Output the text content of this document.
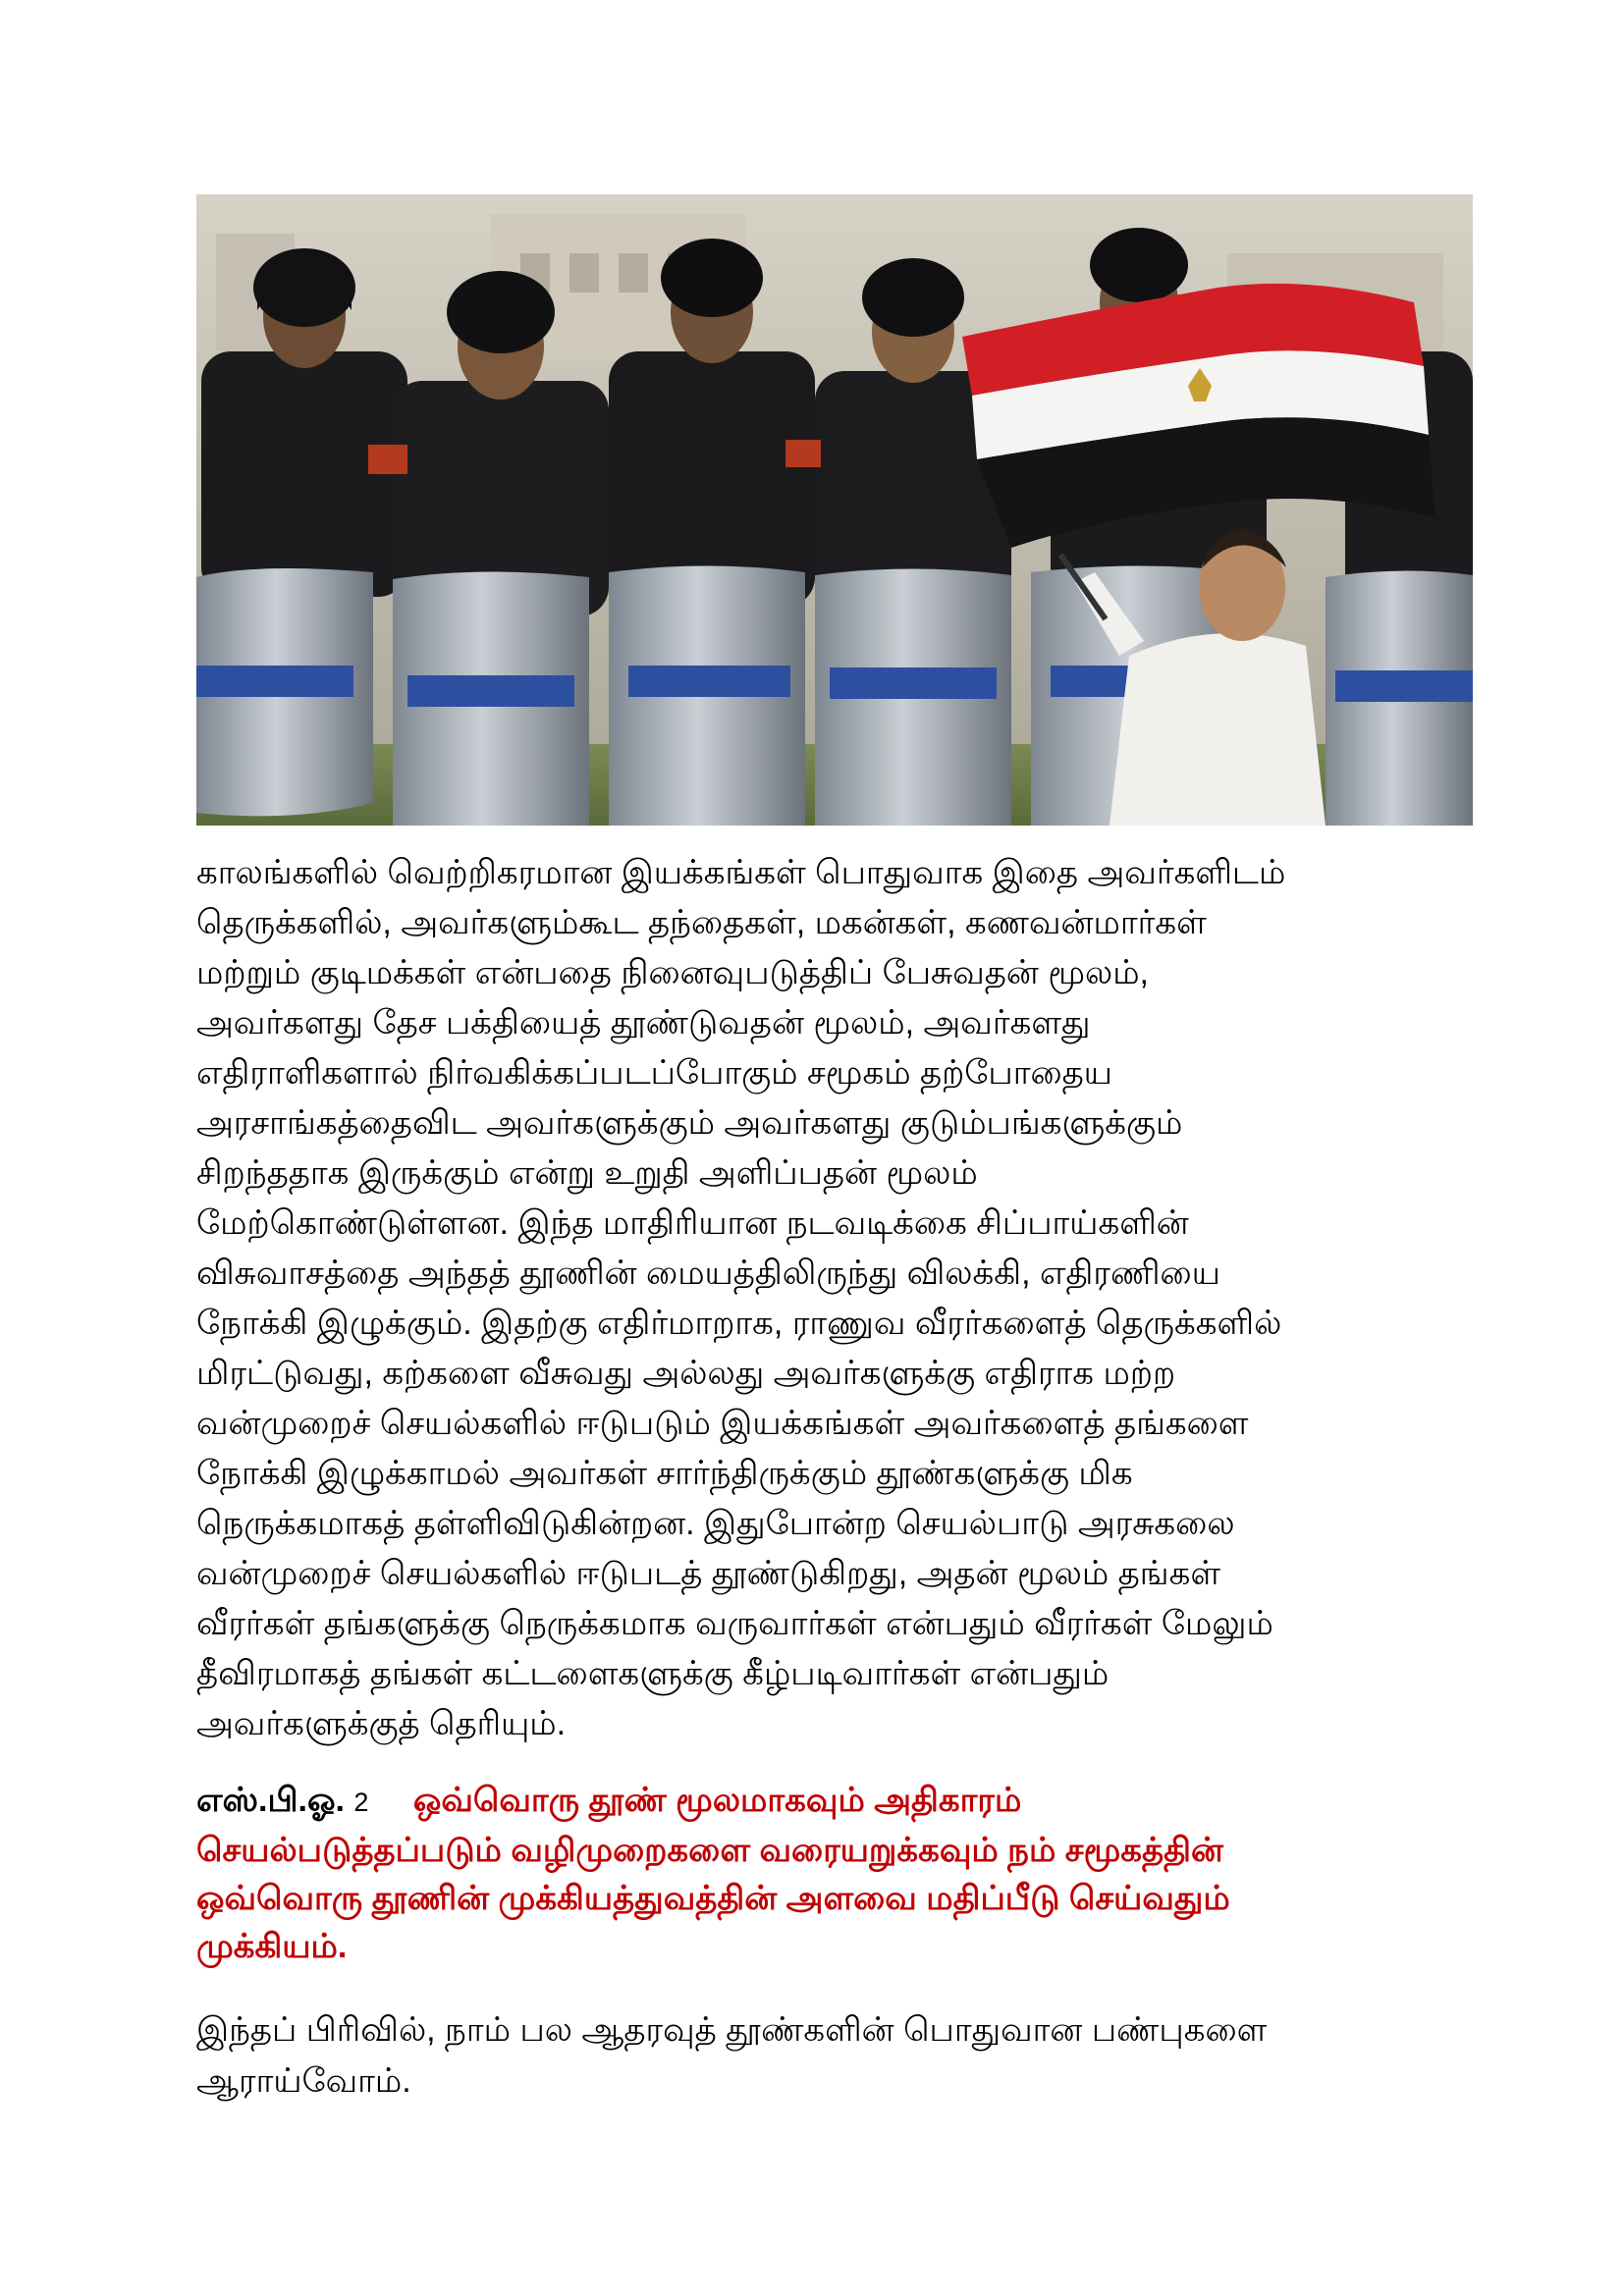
காலங்களில் வெற்றிகரமான இயக்கங்கள் பொதுவாக இதை அவர்களிடம்
தெருக்களில், அவர்களும்கூட தந்தைகள், மகன்கள், கணவன்மார்கள்
மற்றும் குடிமக்கள் என்பதை நினைவுபடுத்திப் பேசுவதன் மூலம்,
அவர்களது தேச பக்தியைத் தூண்டுவதன் மூலம், அவர்களது
எதிராளிகளால் நிர்வகிக்கப்படப்போகும் சமூகம் தற்போதைய
அரசாங்கத்தைவிட அவர்களுக்கும் அவர்களது குடும்பங்களுக்கும்
சிறந்ததாக இருக்கும் என்று உறுதி அளிப்பதன் மூலம்
மேற்கொண்டுள்ளன. இந்த மாதிரியான நடவடிக்கை சிப்பாய்களின்
விசுவாசத்தை அந்தத் தூணின் மையத்திலிருந்து விலக்கி, எதிரணியை
நோக்கி இழுக்கும். இதற்கு எதிர்மாறாக, ராணுவ வீரர்களைத் தெருக்களில்
மிரட்டுவது, கற்களை வீசுவது அல்லது அவர்களுக்கு எதிராக மற்ற
வன்முறைச் செயல்களில் ஈடுபடும் இயக்கங்கள் அவர்களைத் தங்களை
நோக்கி இழுக்காமல் அவர்கள் சார்ந்திருக்கும் தூண்களுக்கு மிக
நெருக்கமாகத் தள்ளிவிடுகின்றன. இதுபோன்ற செயல்பாடு அரசுகலை
வன்முறைச் செயல்களில் ஈடுபடத் தூண்டுகிறது, அதன் மூலம் தங்கள்
வீரர்கள் தங்களுக்கு நெருக்கமாக வருவார்கள் என்பதும் வீரர்கள் மேலும்
தீவிரமாகத் தங்கள் கட்டளைகளுக்கு கீழ்படிவார்கள் என்பதும்
அவர்களுக்குத் தெரியும்.
எஸ்.பி.ஓ. 2 ஒவ்வொரு தூண் மூலமாகவும் அதிகாரம்
செயல்படுத்தப்படும் வழிமுறைகளை வரையறுக்கவும் நம் சமூகத்தின்
ஒவ்வொரு தூணின் முக்கியத்துவத்தின் அளவை மதிப்பீடு செய்வதும்
முக்கியம்.
இந்தப் பிரிவில், நாம் பல ஆதரவுத் தூண்களின் பொதுவான பண்புகளை
ஆராய்வோம்.
